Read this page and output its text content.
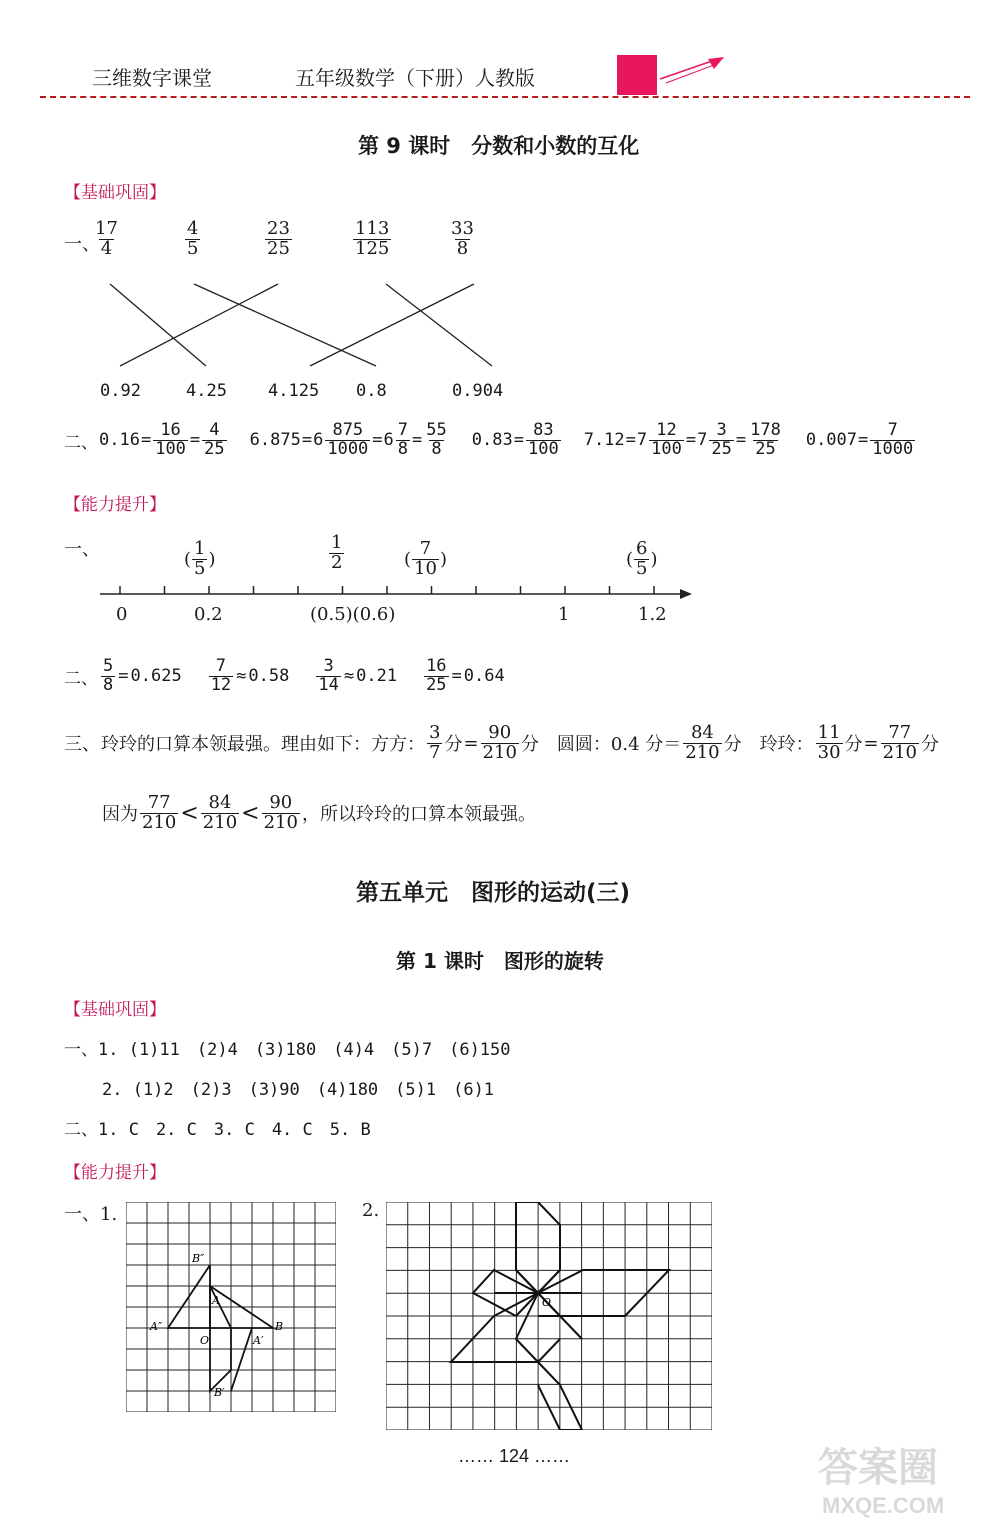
三维数字课堂	五年级数学（下册）人教版
第 9 课时　分数和小数的互化
【基础巩固】
一、
$\frac{17}{4}$	$\frac{4}{5}$	$\frac{23}{25}$	$\frac{113}{125}$	$\frac{33}{8}$
0.92	4.25 4.125 0.8	0.904
二、 $0.16 = \frac{16}{100} = \frac{4}{25} 6.875 = 6 \frac{875}{1000} = 6 \frac{7}{8} = \frac{55}{8} 0.83 = \frac{83}{100} 7.12 = 7 \frac{12}{100} = 7 \frac{3}{25} = \frac{178}{25} 0.007 = \frac{7}{1000}$
【能力提升】
一、
0	0.2	(0.5)(0.6)	1	1.2
( $\frac{1}{5}$ )	$\frac{1}{2}$	( $\frac{7}{10}$ )	( $\frac{6}{5}$ )
二、 $\frac{5}{8} = 0.625 \frac{7}{12} \approx 0.58 \frac{3}{14} \approx 0.21 \frac{16}{25} = 0.64$
三、 玲玲的口算本领最强。理由如下：方方： $\frac{3}{7}$ 分 = $\frac{90}{210}$ 分 圆圆：0.4 分＝ $\frac{84}{210}$ 分 玲玲： $\frac{11}{30}$ 分 = $\frac{77}{210}$ 分
因为 $\frac{77}{210} < \frac{84}{210} < \frac{90}{210}$ ，所以玲玲的口算本领最强。
第五单元　图形的运动(三)
第 1 课时　图形的旋转
【基础巩固】
一、1. (1)11　(2)4　(3)180　(4)4　(5)7　(6)150
2. (1)2　(2)3　(3)90　(4)180　(5)1　(6)1
二、1. C　2. C　3. C　4. C　5. B
【能力提升】
一、1.
B″
A
A″
O
B
A′
B′
2.
O
…… 124 ……	答案圈
MXQE.COM
